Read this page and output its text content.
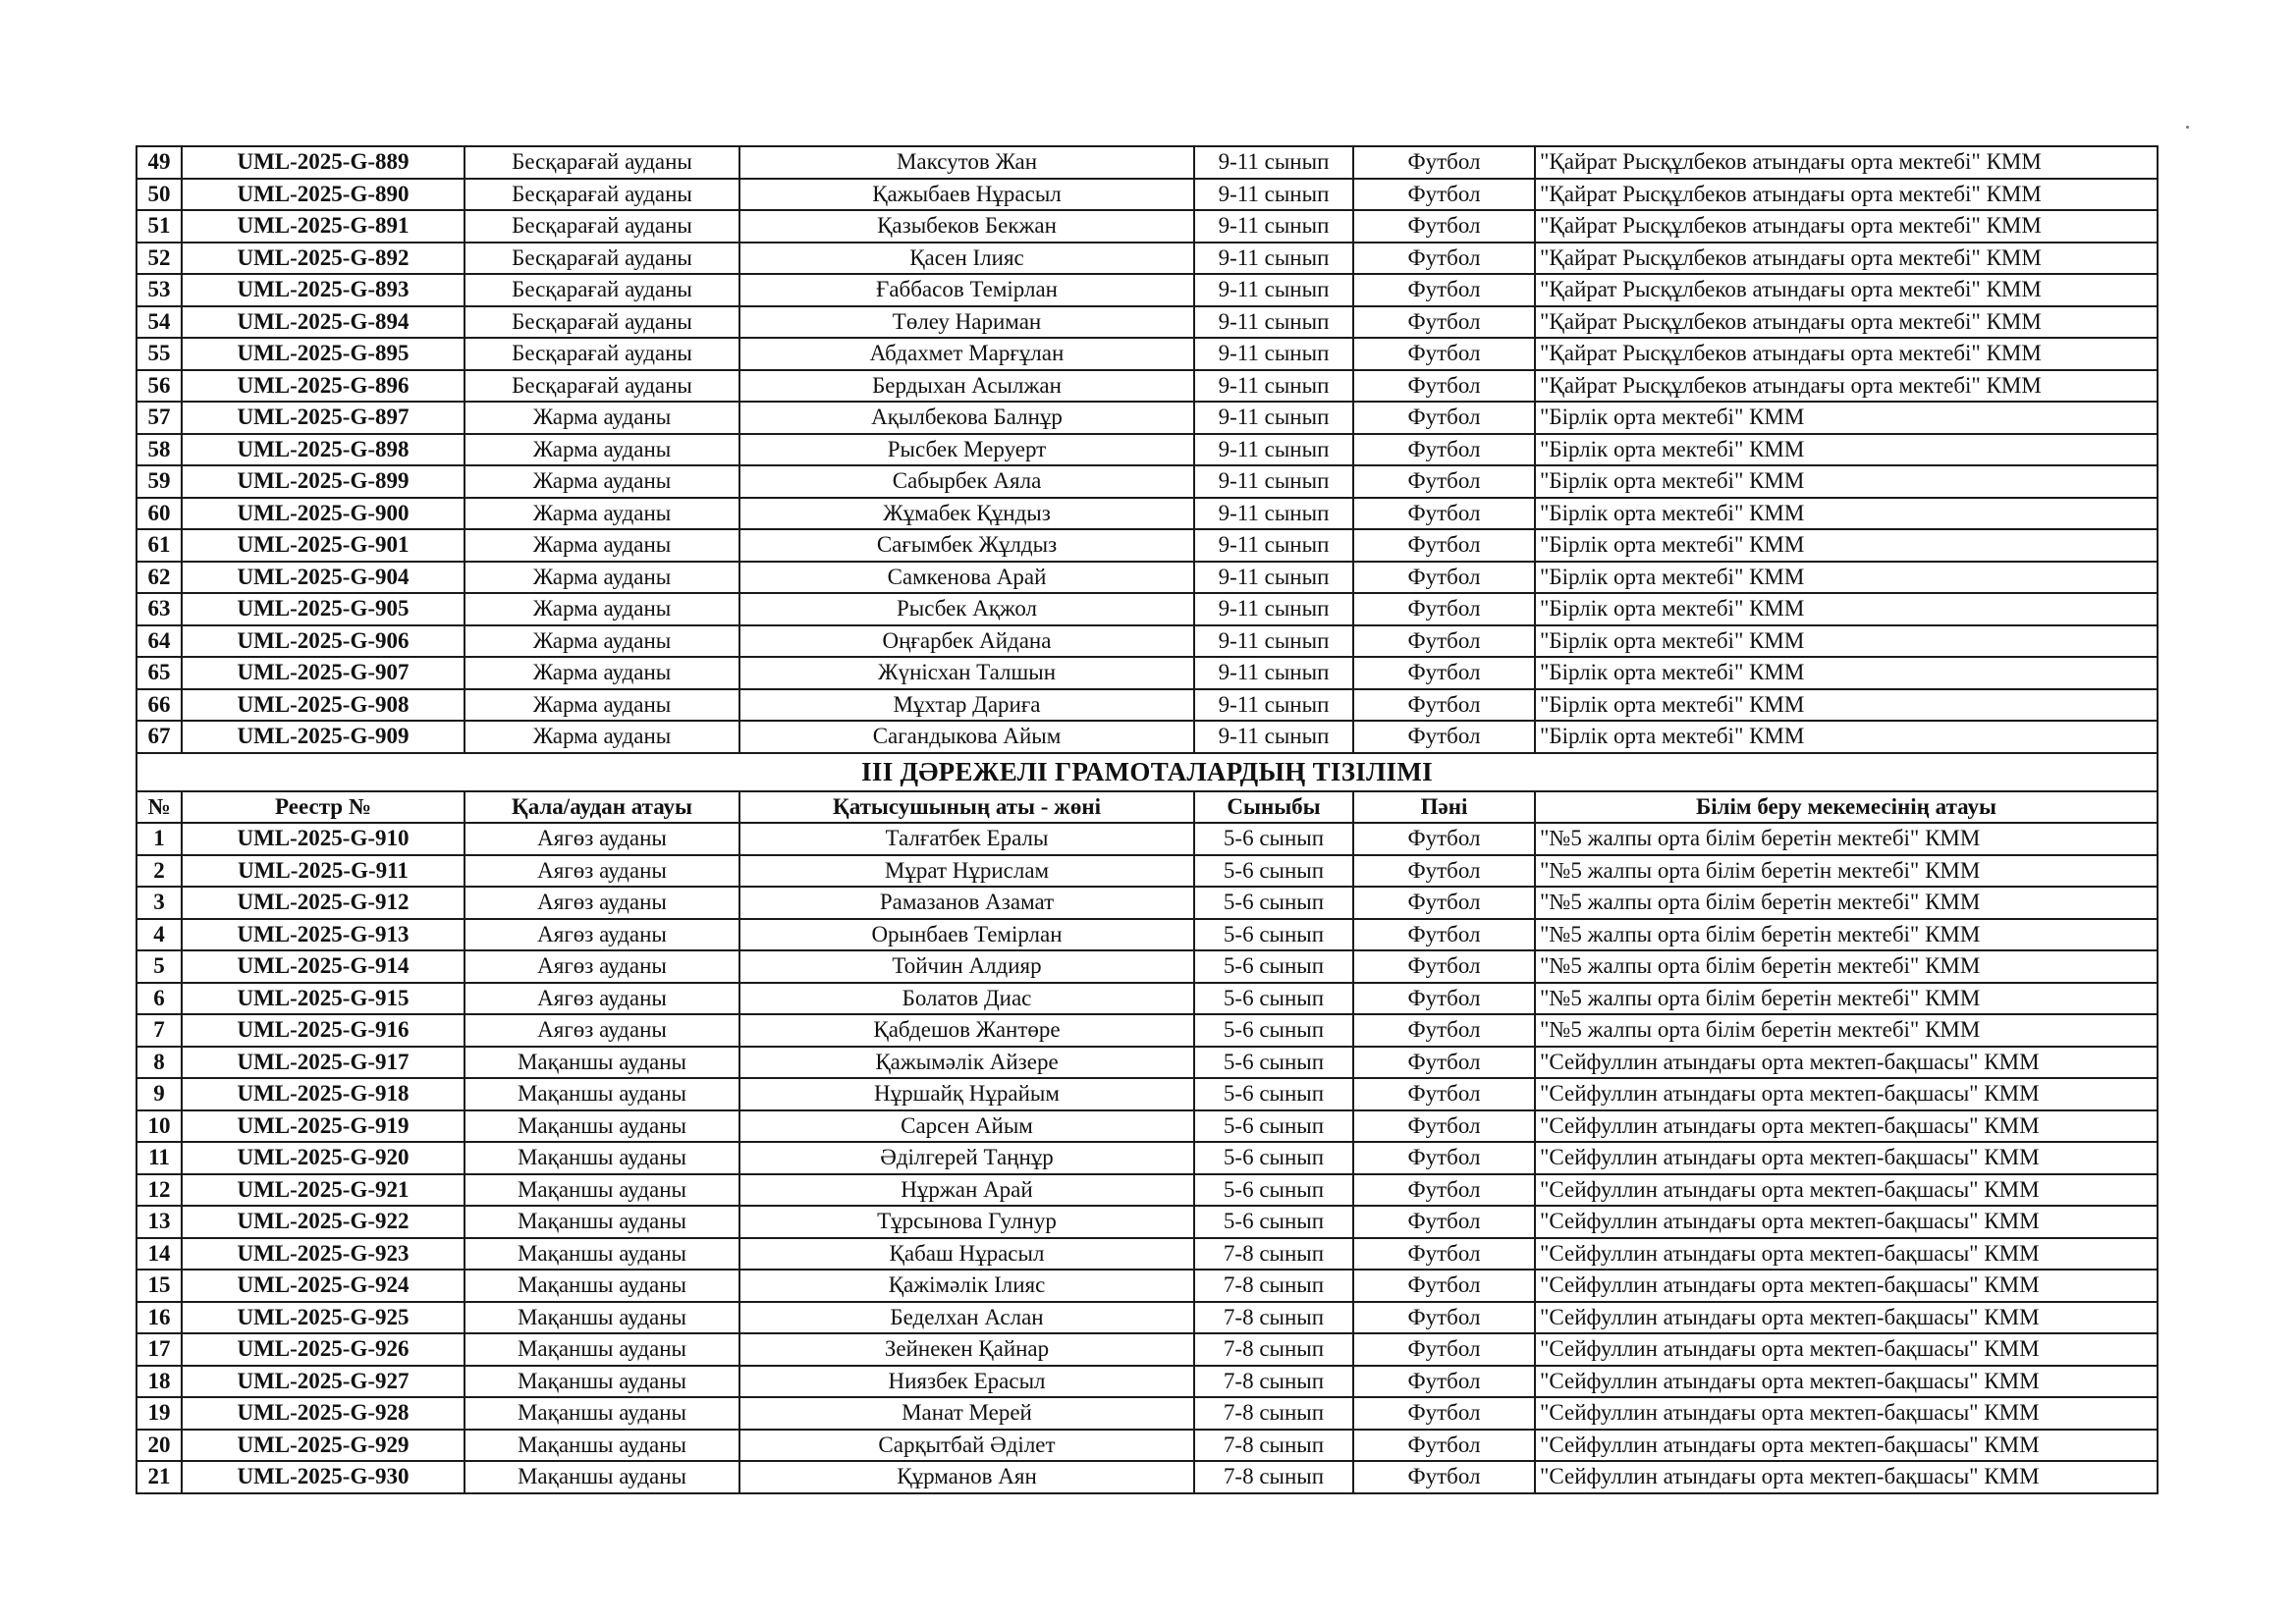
49	UML-2025-G-889	Бесқарағай ауданы	Максутов Жан	9-11 сынып	Футбол	"Қайрат Рысқұлбеков атындағы орта мектебі" КММ
50	UML-2025-G-890	Бесқарағай ауданы	Қажыбаев Нұрасыл	9-11 сынып	Футбол	"Қайрат Рысқұлбеков атындағы орта мектебі" КММ
51	UML-2025-G-891	Бесқарағай ауданы	Қазыбеков Бекжан	9-11 сынып	Футбол	"Қайрат Рысқұлбеков атындағы орта мектебі" КММ
52	UML-2025-G-892	Бесқарағай ауданы	Қасен Ілияс	9-11 сынып	Футбол	"Қайрат Рысқұлбеков атындағы орта мектебі" КММ
53	UML-2025-G-893	Бесқарағай ауданы	Ғаббасов Темірлан	9-11 сынып	Футбол	"Қайрат Рысқұлбеков атындағы орта мектебі" КММ
54	UML-2025-G-894	Бесқарағай ауданы	Төлеу Нариман	9-11 сынып	Футбол	"Қайрат Рысқұлбеков атындағы орта мектебі" КММ
55	UML-2025-G-895	Бесқарағай ауданы	Абдахмет Марғұлан	9-11 сынып	Футбол	"Қайрат Рысқұлбеков атындағы орта мектебі" КММ
56	UML-2025-G-896	Бесқарағай ауданы	Бердыхан Асылжан	9-11 сынып	Футбол	"Қайрат Рысқұлбеков атындағы орта мектебі" КММ
57	UML-2025-G-897	Жарма ауданы	Ақылбекова Балнұр	9-11 сынып	Футбол	"Бірлік орта мектебі" КММ
58	UML-2025-G-898	Жарма ауданы	Рысбек Меруерт	9-11 сынып	Футбол	"Бірлік орта мектебі" КММ
59	UML-2025-G-899	Жарма ауданы	Сабырбек Аяла	9-11 сынып	Футбол	"Бірлік орта мектебі" КММ
60	UML-2025-G-900	Жарма ауданы	Жұмабек Құндыз	9-11 сынып	Футбол	"Бірлік орта мектебі" КММ
61	UML-2025-G-901	Жарма ауданы	Сағымбек Жұлдыз	9-11 сынып	Футбол	"Бірлік орта мектебі" КММ
62	UML-2025-G-904	Жарма ауданы	Самкенова Арай	9-11 сынып	Футбол	"Бірлік орта мектебі" КММ
63	UML-2025-G-905	Жарма ауданы	Рысбек Ақжол	9-11 сынып	Футбол	"Бірлік орта мектебі" КММ
64	UML-2025-G-906	Жарма ауданы	Оңғарбек Айдана	9-11 сынып	Футбол	"Бірлік орта мектебі" КММ
65	UML-2025-G-907	Жарма ауданы	Жүнісхан Талшын	9-11 сынып	Футбол	"Бірлік орта мектебі" КММ
66	UML-2025-G-908	Жарма ауданы	Мұхтар Дариға	9-11 сынып	Футбол	"Бірлік орта мектебі" КММ
67	UML-2025-G-909	Жарма ауданы	Сагандыкова Айым	9-11 сынып	Футбол	"Бірлік орта мектебі" КММ
ІІІ ДӘРЕЖЕЛІ ГРАМОТАЛАРДЫҢ ТІЗІЛІМІ						
№	Реестр №	Қала/аудан атауы	Қатысушының аты - жөні	Сыныбы	Пәні	Білім беру мекемесінің атауы
1	UML-2025-G-910	Аягөз ауданы	Талғатбек Ералы	5-6 сынып	Футбол	"№5 жалпы орта білім беретін мектебі" КММ
2	UML-2025-G-911	Аягөз ауданы	Мұрат Нұрислам	5-6 сынып	Футбол	"№5 жалпы орта білім беретін мектебі" КММ
3	UML-2025-G-912	Аягөз ауданы	Рамазанов Азамат	5-6 сынып	Футбол	"№5 жалпы орта білім беретін мектебі" КММ
4	UML-2025-G-913	Аягөз ауданы	Орынбаев Темірлан	5-6 сынып	Футбол	"№5 жалпы орта білім беретін мектебі" КММ
5	UML-2025-G-914	Аягөз ауданы	Тойчин Алдияр	5-6 сынып	Футбол	"№5 жалпы орта білім беретін мектебі" КММ
6	UML-2025-G-915	Аягөз ауданы	Болатов Диас	5-6 сынып	Футбол	"№5 жалпы орта білім беретін мектебі" КММ
7	UML-2025-G-916	Аягөз ауданы	Қабдешов Жантөре	5-6 сынып	Футбол	"№5 жалпы орта білім беретін мектебі" КММ
8	UML-2025-G-917	Мақаншы ауданы	Қажымәлік Айзере	5-6 сынып	Футбол	"Сейфуллин атындағы орта мектеп-бақшасы" КММ
9	UML-2025-G-918	Мақаншы ауданы	Нұршайқ Нұрайым	5-6 сынып	Футбол	"Сейфуллин атындағы орта мектеп-бақшасы" КММ
10	UML-2025-G-919	Мақаншы ауданы	Сарсен Айым	5-6 сынып	Футбол	"Сейфуллин атындағы орта мектеп-бақшасы" КММ
11	UML-2025-G-920	Мақаншы ауданы	Әділгерей Таңнұр	5-6 сынып	Футбол	"Сейфуллин атындағы орта мектеп-бақшасы" КММ
12	UML-2025-G-921	Мақаншы ауданы	Нұржан Арай	5-6 сынып	Футбол	"Сейфуллин атындағы орта мектеп-бақшасы" КММ
13	UML-2025-G-922	Мақаншы ауданы	Тұрсынова Гулнур	5-6 сынып	Футбол	"Сейфуллин атындағы орта мектеп-бақшасы" КММ
14	UML-2025-G-923	Мақаншы ауданы	Қабаш Нұрасыл	7-8 сынып	Футбол	"Сейфуллин атындағы орта мектеп-бақшасы" КММ
15	UML-2025-G-924	Мақаншы ауданы	Қажімәлік Ілияс	7-8 сынып	Футбол	"Сейфуллин атындағы орта мектеп-бақшасы" КММ
16	UML-2025-G-925	Мақаншы ауданы	Беделхан Аслан	7-8 сынып	Футбол	"Сейфуллин атындағы орта мектеп-бақшасы" КММ
17	UML-2025-G-926	Мақаншы ауданы	Зейнекен Қайнар	7-8 сынып	Футбол	"Сейфуллин атындағы орта мектеп-бақшасы" КММ
18	UML-2025-G-927	Мақаншы ауданы	Ниязбек Ерасыл	7-8 сынып	Футбол	"Сейфуллин атындағы орта мектеп-бақшасы" КММ
19	UML-2025-G-928	Мақаншы ауданы	Манат Мерей	7-8 сынып	Футбол	"Сейфуллин атындағы орта мектеп-бақшасы" КММ
20	UML-2025-G-929	Мақаншы ауданы	Сарқытбай Әділет	7-8 сынып	Футбол	"Сейфуллин атындағы орта мектеп-бақшасы" КММ
21	UML-2025-G-930	Мақаншы ауданы	Құрманов Аян	7-8 сынып	Футбол	"Сейфуллин атындағы орта мектеп-бақшасы" КММ
